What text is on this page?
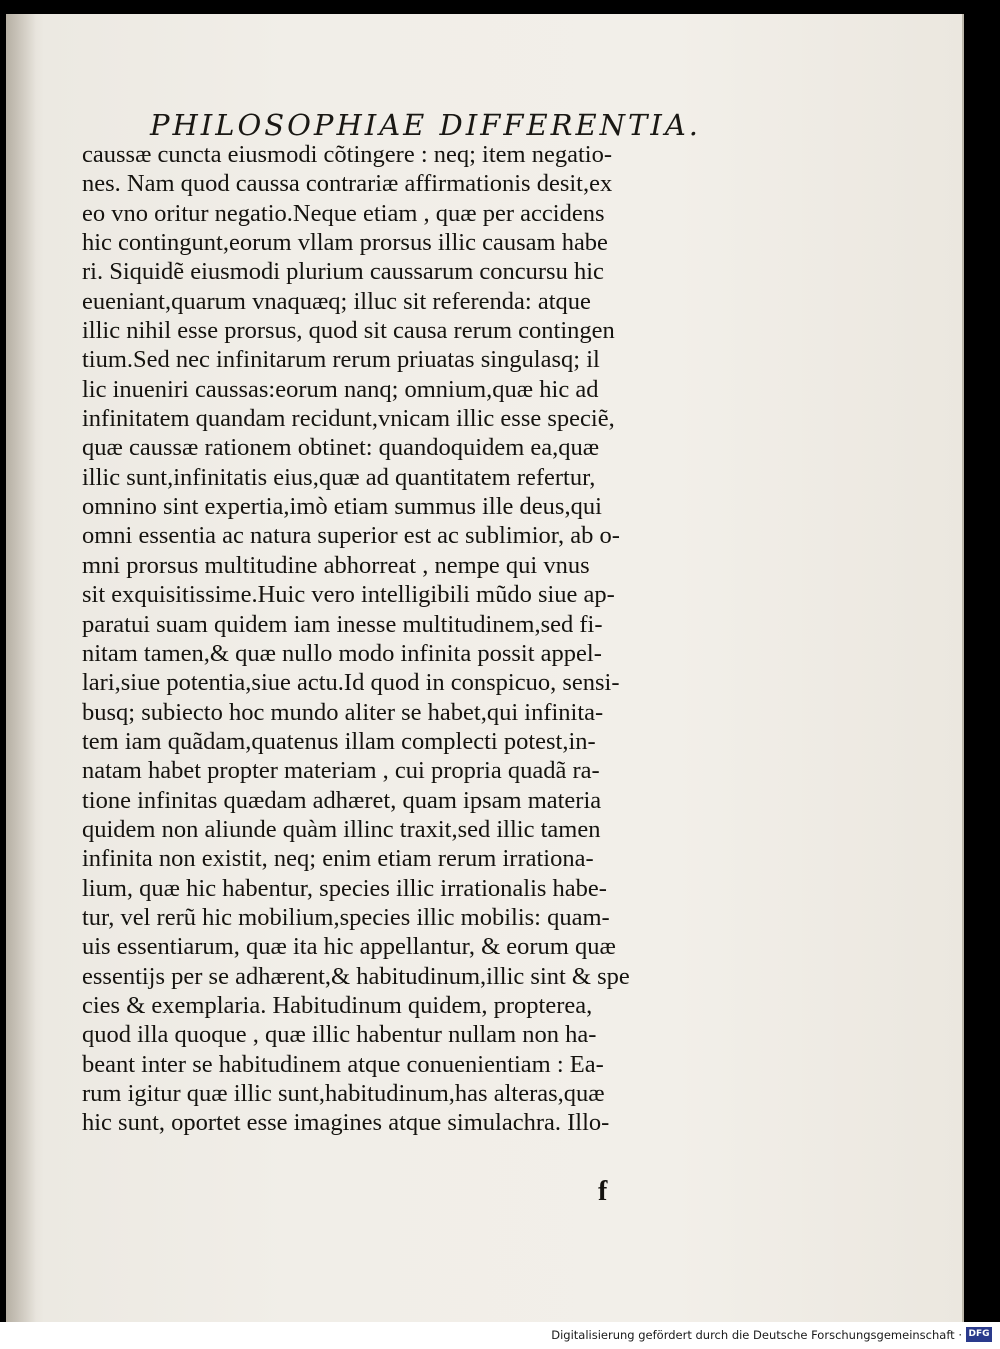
PHILOSOPHIAE DIFFERENTIA.
caussæ cuncta eiusmodi cõtingere : neq; item negatio-
nes. Nam quod caussa contrariæ affirmationis desit,ex
eo vno oritur negatio.Neque etiam , quæ per accidens
hic contingunt,eorum vllam prorsus illic causam habe
ri. Siquidẽ eiusmodi plurium caussarum concursu hic
eueniant,quarum vnaquæq; illuc sit referenda: atque
illic nihil esse prorsus, quod sit causa rerum contingen
tium.Sed nec infinitarum rerum priuatas singulasq; il
lic inueniri caussas:eorum nanq; omnium,quæ hic ad
infinitatem quandam recidunt,vnicam illic esse speciẽ,
quæ caussæ rationem obtinet: quandoquidem ea,quæ
illic sunt,infinitatis eius,quæ ad quantitatem refertur,
omnino sint expertia,imò etiam summus ille deus,qui
omni essentia ac natura superior est ac sublimior, ab o-
mni prorsus multitudine abhorreat , nempe qui vnus
sit exquisitissime.Huic vero intelligibili mũdo siue ap-
paratui suam quidem iam inesse multitudinem,sed fi-
nitam tamen,& quæ nullo modo infinita possit appel-
lari,siue potentia,siue actu.Id quod in conspicuo, sensi-
busq; subiecto hoc mundo aliter se habet,qui infinita-
tem iam quãdam,quatenus illam complecti potest,in-
natam habet propter materiam , cui propria quadã ra-
tione infinitas quædam adhæret, quam ipsam materia
quidem non aliunde quàm illinc traxit,sed illic tamen
infinita non existit, neq; enim etiam rerum irrationa-
lium, quæ hic habentur, species illic irrationalis habe-
tur, vel rerũ hic mobilium,species illic mobilis: quam-
uis essentiarum, quæ ita hic appellantur, & eorum quæ
essentijs per se adhærent,& habitudinum,illic sint & spe
cies & exemplaria. Habitudinum quidem, propterea,
quod illa quoque , quæ illic habentur nullam non ha-
beant inter se habitudinem atque conuenientiam : Ea-
rum igitur quæ illic sunt,habitudinum,has alteras,quæ
hic sunt, oportet esse imagines atque simulachra. Illo-
f
Digitalisierung gefördert durch die Deutsche Forschungsgemeinschaft · DFG
